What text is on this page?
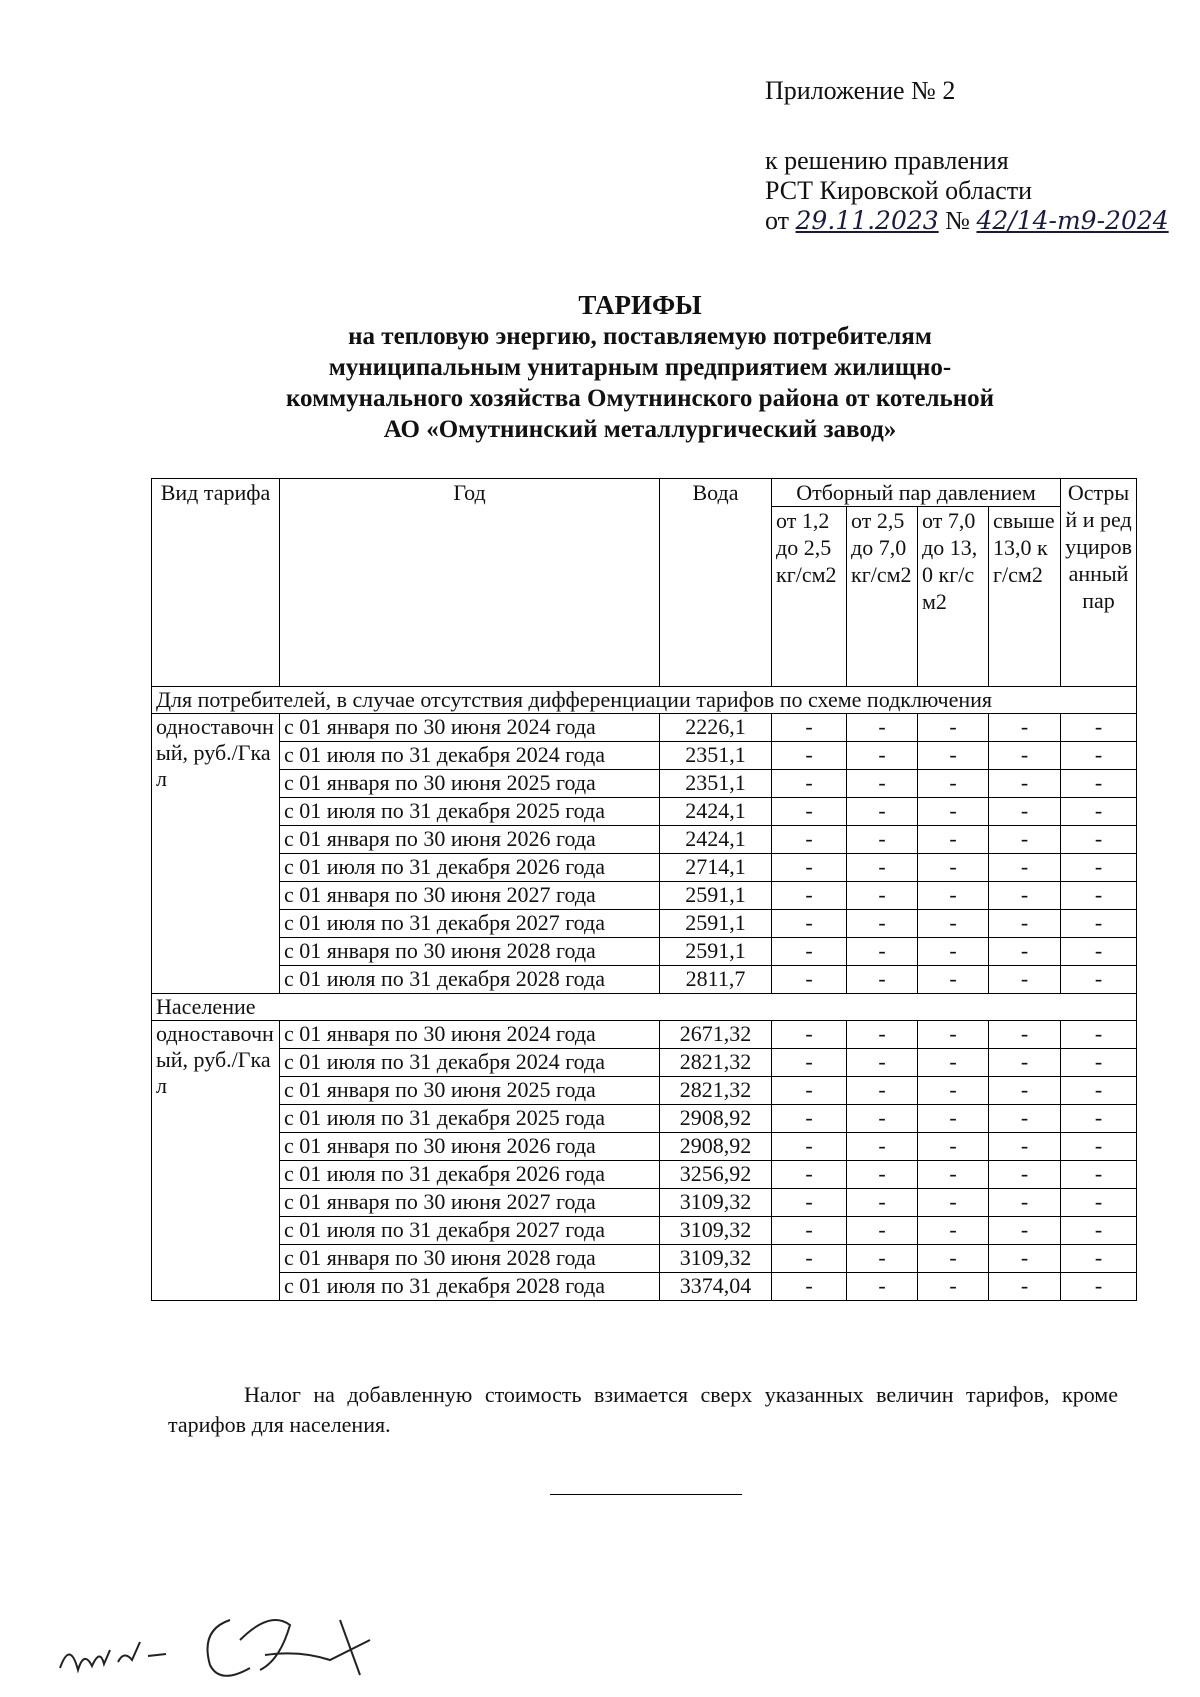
Приложение № 2
к решению правления
РСТ Кировской области
от 29.11.2023 № 42/14-т9-2024
ТАРИФЫ
на тепловую энергию, поставляемую потребителям
муниципальным унитарным предприятием жилищно-
коммунального хозяйства Омутнинского района от котельной
АО «Омутнинский металлургический завод»
Вид тарифа	Год	Вода	Отборный пар давлением				Острый и редуцированный пар
			от 1,2 до 2,5 кг/см2	от 2,5 до 7,0 кг/см2	от 7,0 до 13,0 кг/см2	свыше 13,0 кг/см2	
Для потребителей, в случае отсутствия дифференциации тарифов по схеме подключения							
одноставочный, руб./Гкал	с 01 января по 30 июня 2024 года	2226,1	-	-	-	-	-
	с 01 июля по 31 декабря 2024 года	2351,1	-	-	-	-	-
	с 01 января по 30 июня 2025 года	2351,1	-	-	-	-	-
	с 01 июля по 31 декабря 2025 года	2424,1	-	-	-	-	-
	с 01 января по 30 июня 2026 года	2424,1	-	-	-	-	-
	с 01 июля по 31 декабря 2026 года	2714,1	-	-	-	-	-
	с 01 января по 30 июня 2027 года	2591,1	-	-	-	-	-
	с 01 июля по 31 декабря 2027 года	2591,1	-	-	-	-	-
	с 01 января по 30 июня 2028 года	2591,1	-	-	-	-	-
	с 01 июля по 31 декабря 2028 года	2811,7	-	-	-	-	-
Население							
одноставочный, руб./Гкал	с 01 января по 30 июня 2024 года	2671,32	-	-	-	-	-
	с 01 июля по 31 декабря 2024 года	2821,32	-	-	-	-	-
	с 01 января по 30 июня 2025 года	2821,32	-	-	-	-	-
	с 01 июля по 31 декабря 2025 года	2908,92	-	-	-	-	-
	с 01 января по 30 июня 2026 года	2908,92	-	-	-	-	-
	с 01 июля по 31 декабря 2026 года	3256,92	-	-	-	-	-
	с 01 января по 30 июня 2027 года	3109,32	-	-	-	-	-
	с 01 июля по 31 декабря 2027 года	3109,32	-	-	-	-	-
	с 01 января по 30 июня 2028 года	3109,32	-	-	-	-	-
	с 01 июля по 31 декабря 2028 года	3374,04	-	-	-	-	-
Налог на добавленную стоимость взимается сверх указанных величин тарифов, кроме тарифов для населения.
